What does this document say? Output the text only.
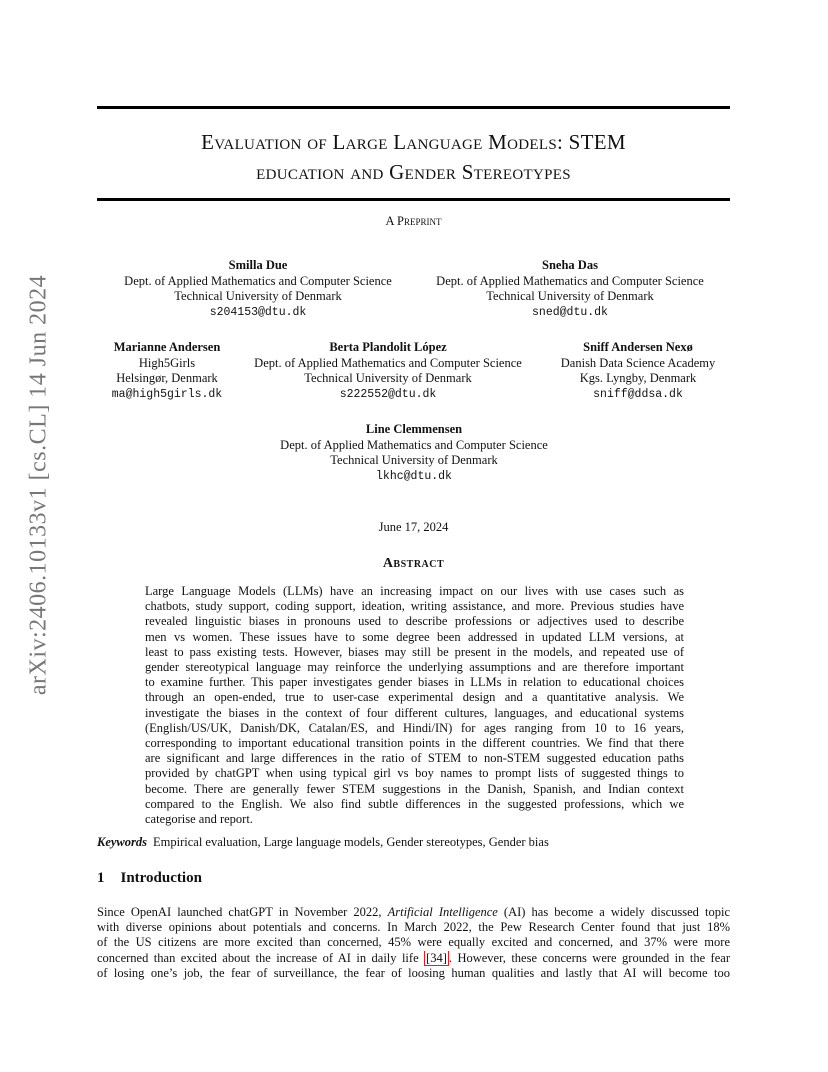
arXiv:2406.10133v1 [cs.CL] 14 Jun 2024
Evaluation of Large Language Models: STEM
education and Gender Stereotypes
A Preprint
Smilla Due
Dept. of Applied Mathematics and Computer Science
Technical University of Denmark
s204153@dtu.dk
Sneha Das
Dept. of Applied Mathematics and Computer Science
Technical University of Denmark
sned@dtu.dk
Marianne Andersen
High5Girls
Helsingør, Denmark
ma@high5girls.dk
Berta Plandolit López
Dept. of Applied Mathematics and Computer Science
Technical University of Denmark
s222552@dtu.dk
Sniff Andersen Nexø
Danish Data Science Academy
Kgs. Lyngby, Denmark
sniff@ddsa.dk
Line Clemmensen
Dept. of Applied Mathematics and Computer Science
Technical University of Denmark
lkhc@dtu.dk
June 17, 2024
Abstract
Large Language Models (LLMs) have an increasing impact on our lives with use cases such as
chatbots, study support, coding support, ideation, writing assistance, and more. Previous studies have
revealed linguistic biases in pronouns used to describe professions or adjectives used to describe
men vs women. These issues have to some degree been addressed in updated LLM versions, at
least to pass existing tests. However, biases may still be present in the models, and repeated use of
gender stereotypical language may reinforce the underlying assumptions and are therefore important
to examine further. This paper investigates gender biases in LLMs in relation to educational choices
through an open-ended, true to user-case experimental design and a quantitative analysis. We
investigate the biases in the context of four different cultures, languages, and educational systems
(English/US/UK, Danish/DK, Catalan/ES, and Hindi/IN) for ages ranging from 10 to 16 years,
corresponding to important educational transition points in the different countries. We find that there
are significant and large differences in the ratio of STEM to non-STEM suggested education paths
provided by chatGPT when using typical girl vs boy names to prompt lists of suggested things to
become. There are generally fewer STEM suggestions in the Danish, Spanish, and Indian context
compared to the English. We also find subtle differences in the suggested professions, which we
categorise and report.
Keywords Empirical evaluation, Large language models, Gender stereotypes, Gender bias
1 Introduction
Since OpenAI launched chatGPT in November 2022, Artificial Intelligence (AI) has become a widely discussed topic
with diverse opinions about potentials and concerns. In March 2022, the Pew Research Center found that just 18%
of the US citizens are more excited than concerned, 45% were equally excited and concerned, and 37% were more
concerned than excited about the increase of AI in daily life [34] . However, these concerns were grounded in the fear
of losing one’s job, the fear of surveillance, the fear of loosing human qualities and lastly that AI will become too
